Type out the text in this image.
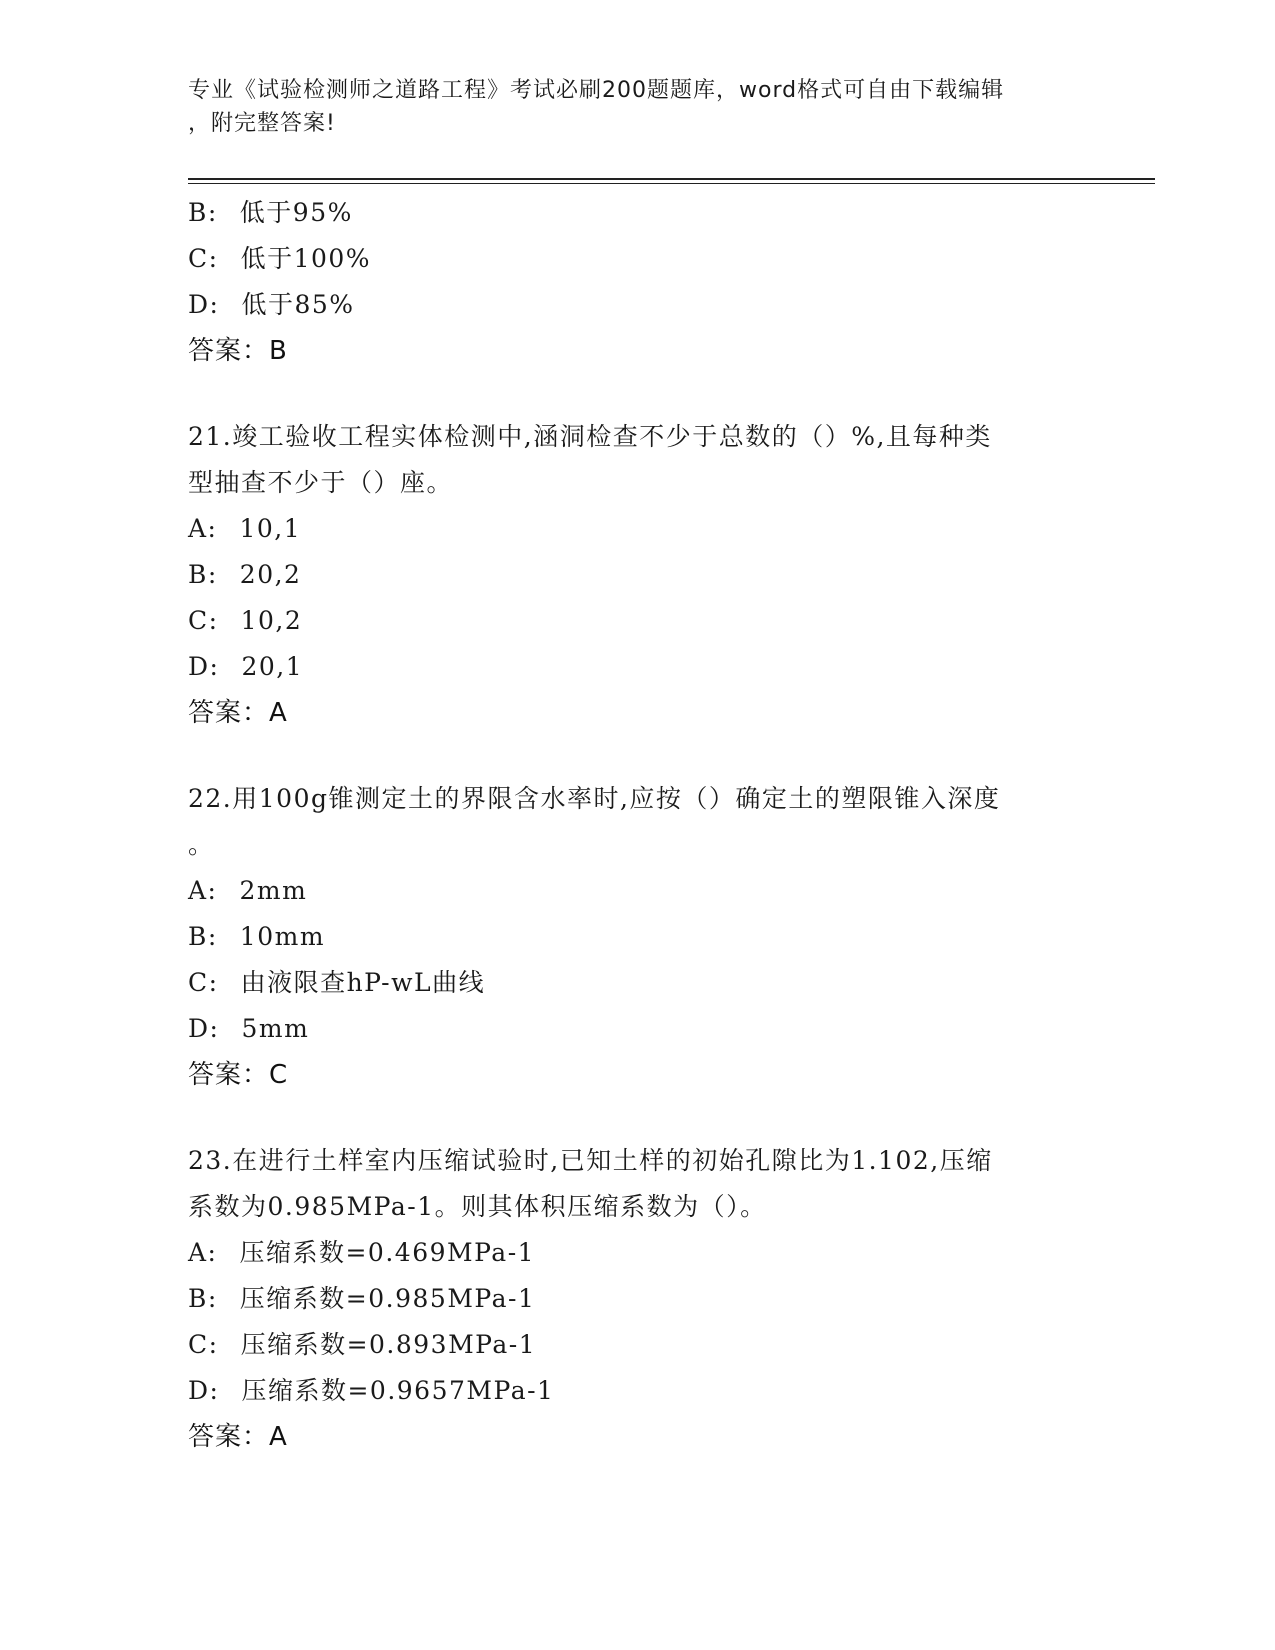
专业《试验检测师之道路工程》考试必刷200题题库，word格式可自由下载编辑

，附完整答案!
B: 低于95%
C: 低于100%
D: 低于85%
答案：B
21.竣工验收工程实体检测中,涵洞检查不少于总数的（）%,且每种类
型抽查不少于（）座。
A: 10,1
B: 20,2
C: 10,2
D: 20,1
答案：A
22.用100g锥测定土的界限含水率时,应按（）确定土的塑限锥入深度
。
A: 2mm
B: 10mm
C: 由液限查hP-wL曲线
D: 5mm
答案：C
23.在进行土样室内压缩试验时,已知土样的初始孔隙比为1.102,压缩
系数为0.985MPa-1。则其体积压缩系数为（）。
A: 压缩系数=0.469MPa-1
B: 压缩系数=0.985MPa-1
C: 压缩系数=0.893MPa-1
D: 压缩系数=0.9657MPa-1
答案：A
